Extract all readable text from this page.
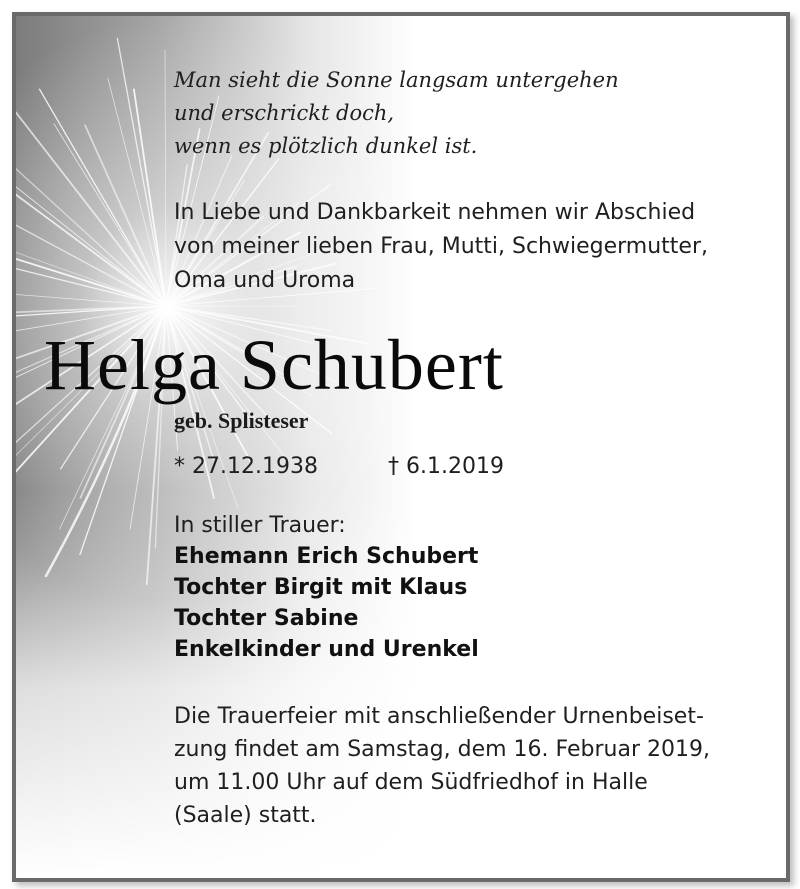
Man sieht die Sonne langsam untergehen
und erschrickt doch,
wenn es plötzlich dunkel ist.
In Liebe und Dankbarkeit nehmen wir Abschied
von meiner lieben Frau, Mutti, Schwiegermutter,
Oma und Uroma
Helga Schubert
geb. Splisteser
* 27.12.1938	† 6.1.2019
In stiller Trauer:
Ehemann Erich Schubert
Tochter Birgit mit Klaus
Tochter Sabine
Enkelkinder und Urenkel
Die Trauerfeier mit anschließender Urnenbeiset-
zung findet am Samstag, dem 16. Februar 2019,
um 11.00 Uhr auf dem Südfriedhof in Halle
(Saale) statt.
